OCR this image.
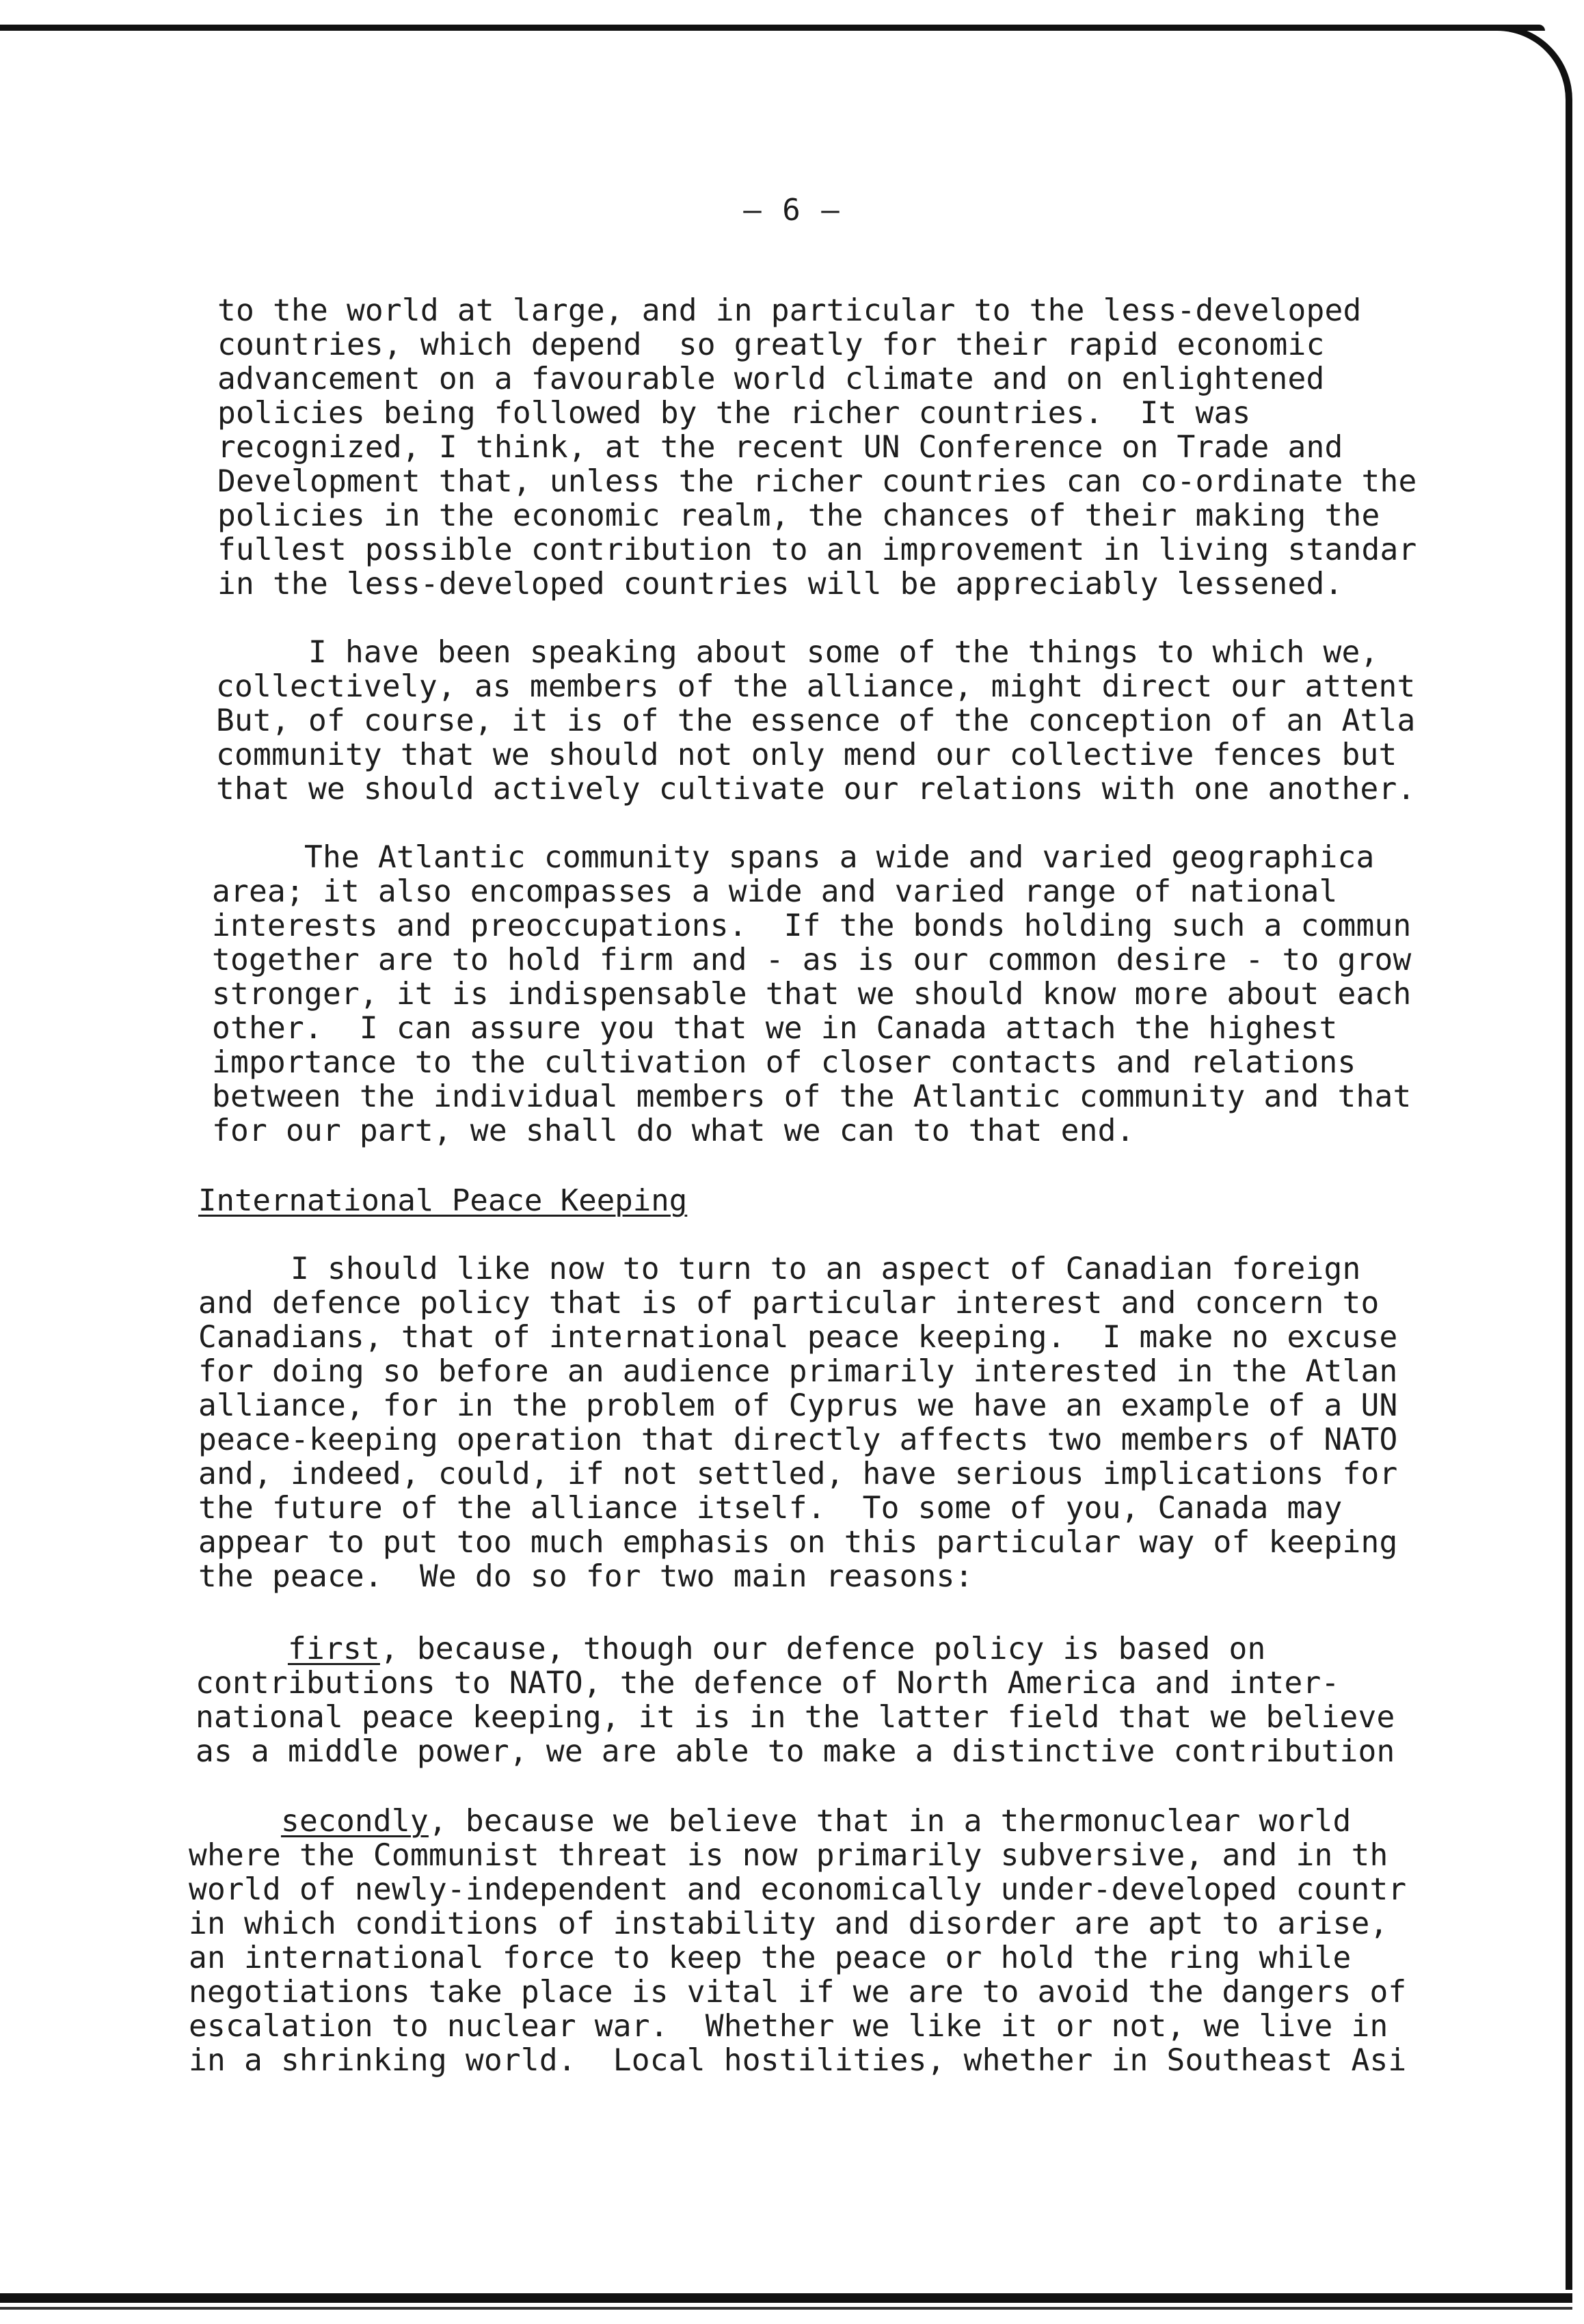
– 6 –
to the world at large, and in particular to the less-developed
countries, which depend  so greatly for their rapid economic
advancement on a favourable world climate and on enlightened
policies being followed by the richer countries.  It was
recognized, I think, at the recent UN Conference on Trade and
Development that, unless the richer countries can co-ordinate the
policies in the economic realm, the chances of their making the
fullest possible contribution to an improvement in living standar
in the less-developed countries will be appreciably lessened.
I have been speaking about some of the things to which we,
collectively, as members of the alliance, might direct our attent
But, of course, it is of the essence of the conception of an Atla
community that we should not only mend our collective fences but
that we should actively cultivate our relations with one another.
The Atlantic community spans a wide and varied geographica
area; it also encompasses a wide and varied range of national
interests and preoccupations.  If the bonds holding such a commun
together are to hold firm and - as is our common desire - to grow
stronger, it is indispensable that we should know more about each
other.  I can assure you that we in Canada attach the highest
importance to the cultivation of closer contacts and relations
between the individual members of the Atlantic community and that
for our part, we shall do what we can to that end.
International Peace Keeping
I should like now to turn to an aspect of Canadian foreign
and defence policy that is of particular interest and concern to
Canadians, that of international peace keeping.  I make no excuse
for doing so before an audience primarily interested in the Atlan
alliance, for in the problem of Cyprus we have an example of a UN
peace-keeping operation that directly affects two members of NATO
and, indeed, could, if not settled, have serious implications for
the future of the alliance itself.  To some of you, Canada may
appear to put too much emphasis on this particular way of keeping
the peace.  We do so for two main reasons:
first, because, though our defence policy is based on
contributions to NATO, the defence of North America and inter-
national peace keeping, it is in the latter field that we believe
as a middle power, we are able to make a distinctive contribution
secondly, because we believe that in a thermonuclear world
where the Communist threat is now primarily subversive, and in th
world of newly-independent and economically under-developed countr
in which conditions of instability and disorder are apt to arise,
an international force to keep the peace or hold the ring while
negotiations take place is vital if we are to avoid the dangers of
escalation to nuclear war.  Whether we like it or not, we live in
in a shrinking world.  Local hostilities, whether in Southeast Asi
